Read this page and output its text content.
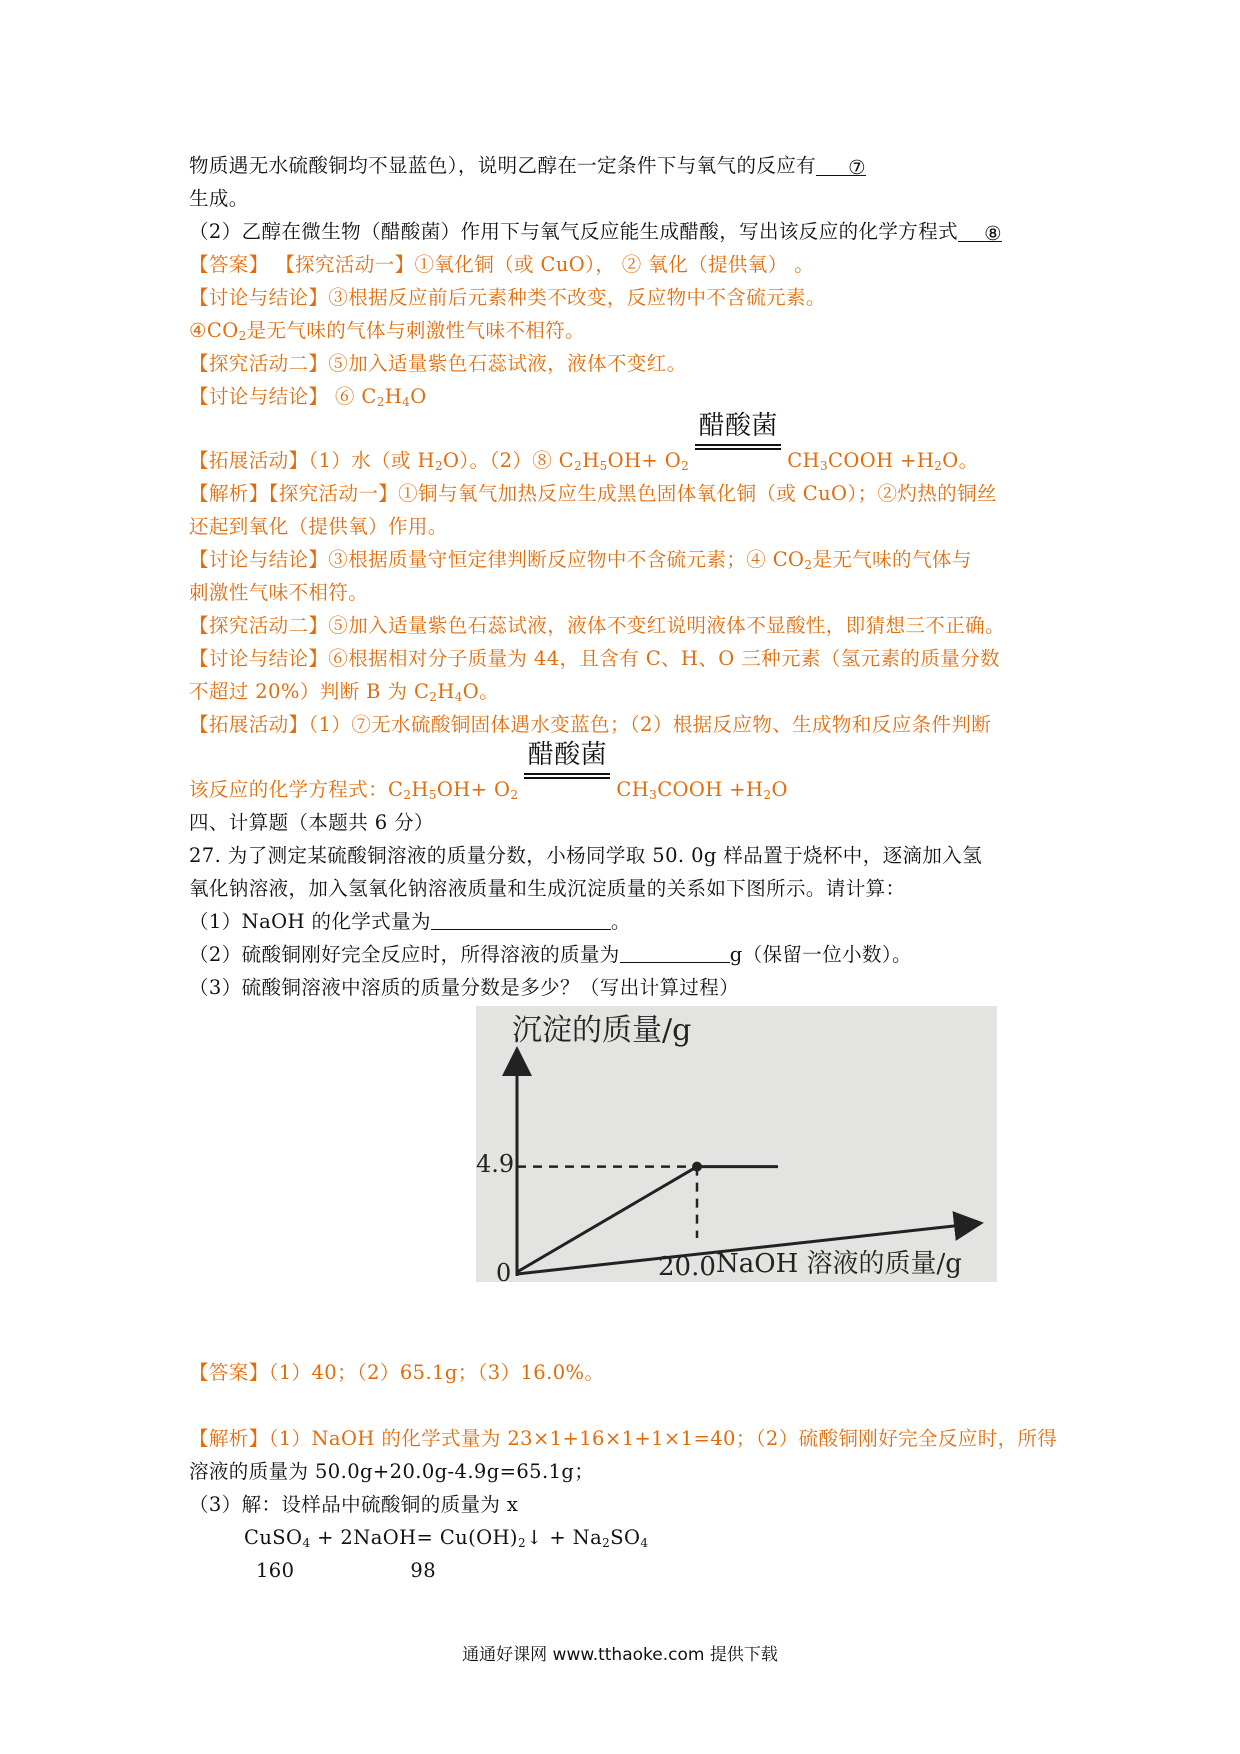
物质遇无水硫酸铜均不显蓝色），说明乙醇在一定条件下与氧气的反应有 ⑦
生成。
（2）乙醇在微生物（醋酸菌）作用下与氧气反应能生成醋酸，写出该反应的化学方程式 ⑧
【答案】 【探究活动一】①氧化铜（或 CuO）， ② 氧化（提供氧） 。
【讨论与结论】③根据反应前后元素种类不改变，反应物中不含硫元素。
$④CO_2$是无气味的气体与刺激性气味不相符。
【探究活动二】⑤加入适量紫色石蕊试液，液体不变红。
【讨论与结论】 ⑥ $C_2H_4O$
【拓展活动】（1）水（或 $H_2O$）。（2）⑧ $C_2H_5OH+ O_2$
醋酸菌
$CH_3COOH +H_2O$。
【解析】【探究活动一】①铜与氧气加热反应生成黑色固体氧化铜（或 CuO）；②灼热的铜丝
还起到氧化（提供氧）作用。
【讨论与结论】③根据质量守恒定律判断反应物中不含硫元素；④ $CO_2$是无气味的气体与
刺激性气味不相符。
【探究活动二】⑤加入适量紫色石蕊试液，液体不变红说明液体不显酸性，即猜想三不正确。
【讨论与结论】⑥根据相对分子质量为 44，且含有 C、H、O 三种元素（氢元素的质量分数
不超过 20%）判断 B 为 $C_2H_4O$。
【拓展活动】（1）⑦无水硫酸铜固体遇水变蓝色；（2）根据反应物、生成物和反应条件判断
该反应的化学方程式：$C_2H_5OH+ O_2$
醋酸菌
$CH_3COOH +H_2O$
四、计算题（本题共 6 分）
27. 为了测定某硫酸铜溶液的质量分数，小杨同学取 50. 0g 样品置于烧杯中，逐滴加入氢
氧化钠溶液，加入氢氧化钠溶液质量和生成沉淀质量的关系如下图所示。请计算：
（1）NaOH 的化学式量为	。
（2）硫酸铜刚好完全反应时，所得溶液的质量为	g（保留一位小数）。
（3）硫酸铜溶液中溶质的质量分数是多少？（写出计算过程）
沉淀的质量/g
NaOH 溶液的质量/g
0
4.9
20.0
【答案】（1）40；（2）65.1g；（3）16.0%。
【解析】（1）NaOH 的化学式量为 23×1+16×1+1×1=40；（2）硫酸铜刚好完全反应时，所得
溶液的质量为 50.0g+20.0g-4.9g=65.1g；
（3）解：设样品中硫酸铜的质量为 x
CuSO$_4$ + 2NaOH= $Cu(OH)_2↓ + Na_2SO_4$
160	98
通通好课网 www.tthaoke.com 提供下载
